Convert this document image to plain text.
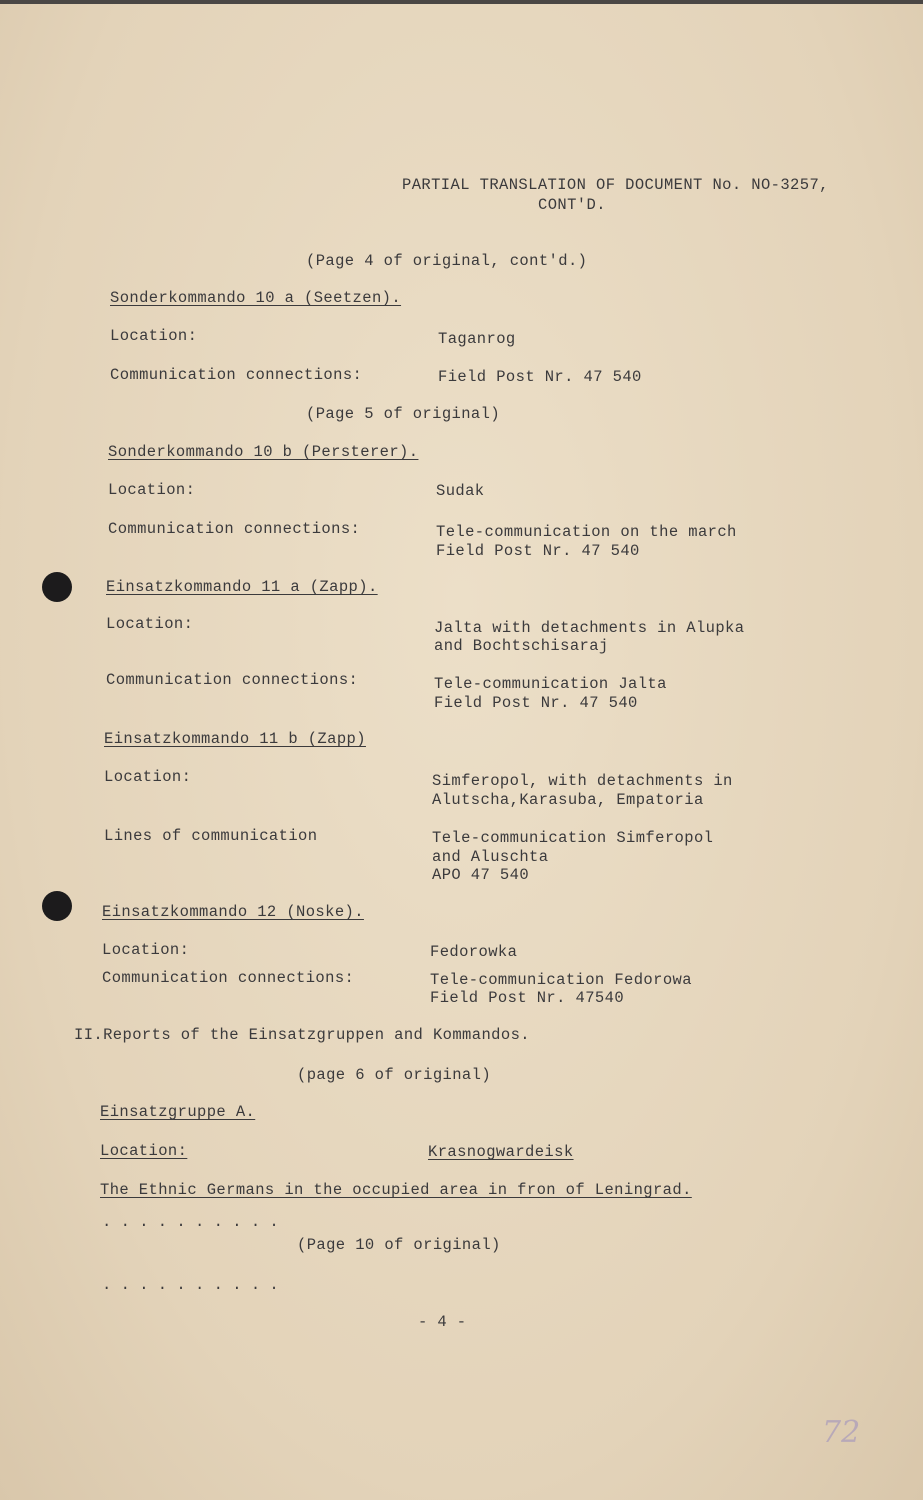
PARTIAL TRANSLATION OF DOCUMENT No. NO-3257,
CONT'D.
(Page 4 of original, cont'd.)
Sonderkommando 10 a (Seetzen).
Location:	Taganrog
Communication connections:	Field Post Nr. 47 540
(Page 5 of original)
Sonderkommando 10 b (Persterer).
Location:	Sudak
Communication connections:	Tele-communication on the march
Field Post Nr. 47 540
Einsatzkommando 11 a (Zapp).
Location:	Jalta with detachments in Alupka
and Bochtschisaraj
Communication connections:	Tele-communication Jalta
Field Post Nr. 47 540
Einsatzkommando 11 b (Zapp)
Location:	Simferopol, with detachments in
Alutscha,Karasuba, Empatoria
Lines of communication	Tele-communication Simferopol
and Aluschta
APO 47 540
Einsatzkommando 12 (Noske).
Location:	Fedorowka
Communication connections:	Tele-communication Fedorowa
Field Post Nr. 47540
II.Reports of the Einsatzgruppen and Kommandos.
(page 6 of original)
Einsatzgruppe A.
Location:	Krasnogwardeisk
The Ethnic Germans in the occupied area in fron of Leningrad.
. . . . . . . . . .
(Page 10 of original)
. . . . . . . . . .
- 4 -
72
